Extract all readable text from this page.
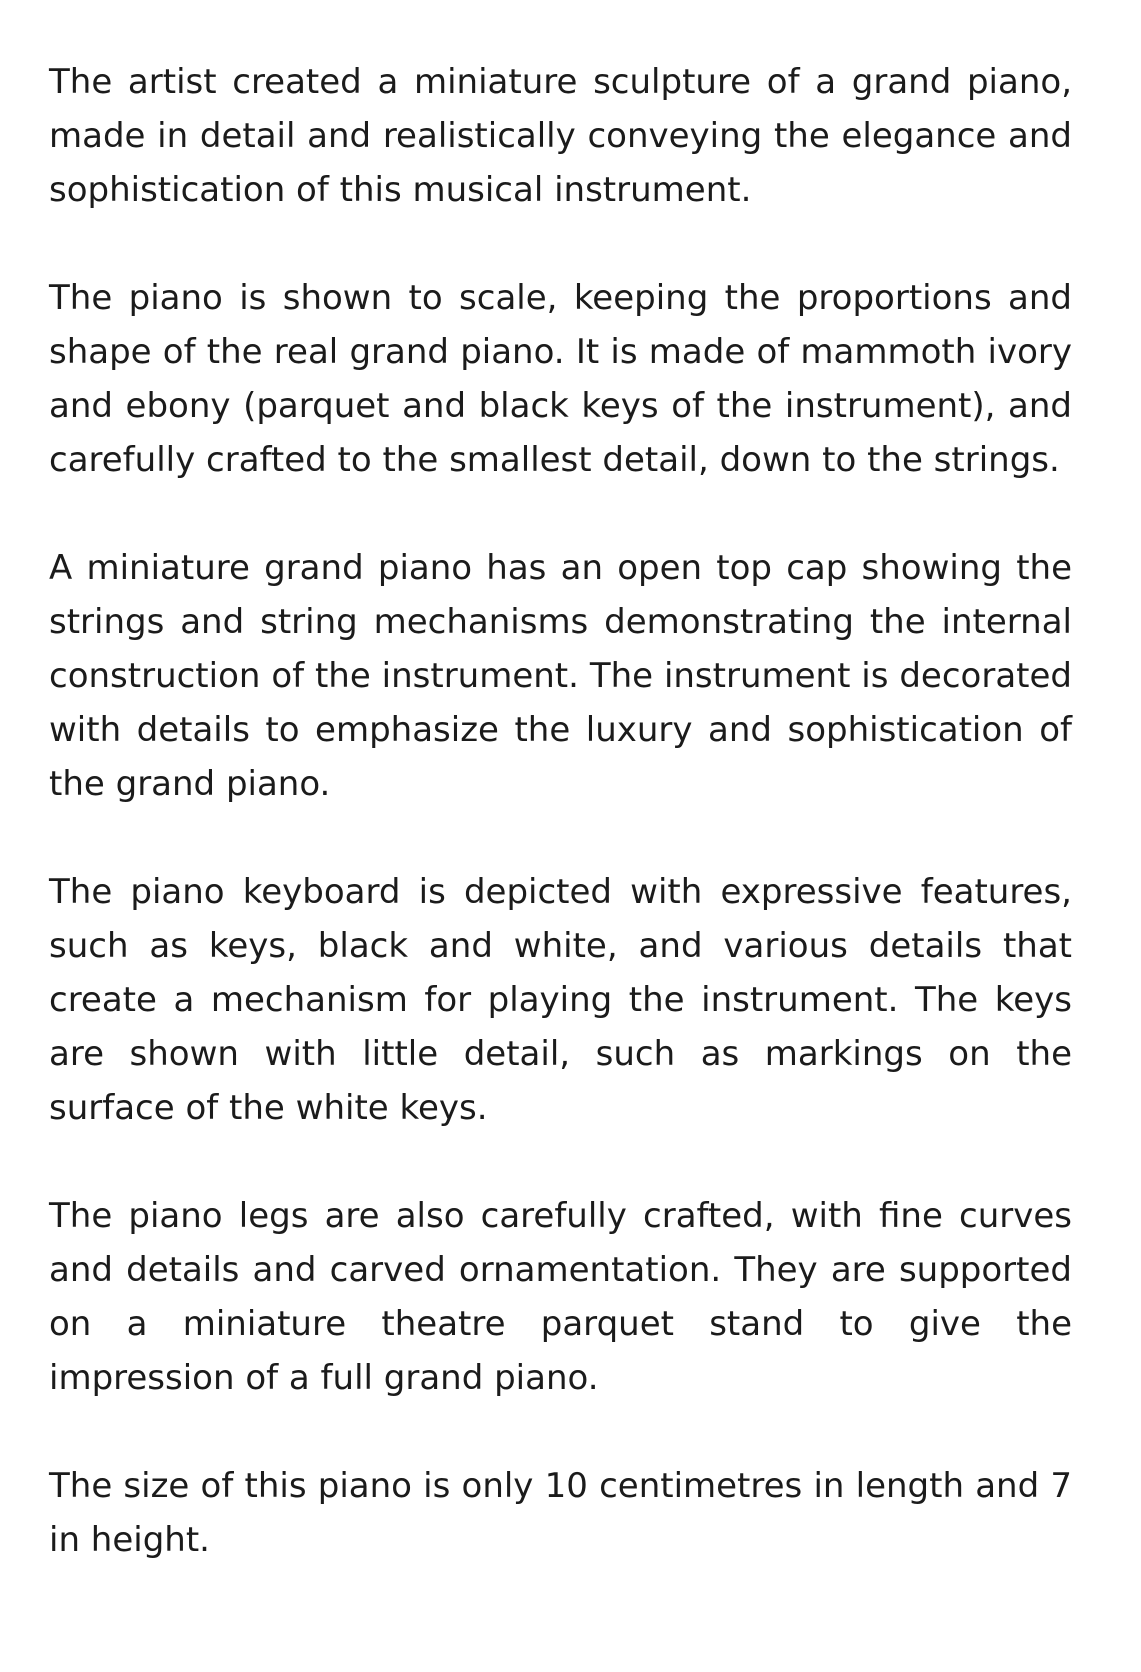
The artist created a miniature sculpture of a grand piano, made in detail and realistically conveying the elegance and sophistication of this musical instrument.

The piano is shown to scale, keeping the proportions and shape of the real grand piano. It is made of mammoth ivory and ebony (parquet and black keys of the instrument), and carefully crafted to the smallest detail, down to the strings.

A miniature grand piano has an open top cap showing the strings and string mechanisms demonstrating the internal construction of the instrument. The instrument is decorated with details to emphasize the luxury and sophistication of the grand piano.

The piano keyboard is depicted with expressive features, such as keys, black and white, and various details that create a mechanism for playing the instrument. The keys are shown with little detail, such as markings on the surface of the white keys.

The piano legs are also carefully crafted, with fine curves and details and carved ornamentation. They are supported on a miniature theatre parquet stand to give the impression of a full grand piano.

The size of this piano is only 10 centimetres in length and 7 in height.
